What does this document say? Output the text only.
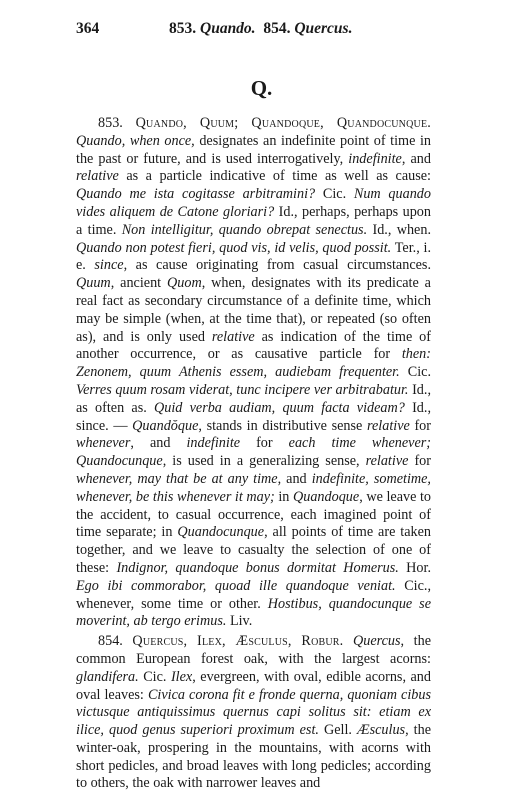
364	853. Quando.  854. Quercus.
Q.

853. Quando, Quum; Quandoque, Quandocunque. Quando, when once, designates an indefinite point of time in the past or future, and is used interrogatively, indefinite, and relative as a particle indicative of time as well as cause: Quando me ista cogitasse arbitramini? Cic. Num quando vides aliquem de Catone gloriari? Id., perhaps, perhaps upon a time. Non intelligitur, quando obrepat senectus. Id., when. Quando non potest fieri, quod vis, id velis, quod possit. Ter., i. e. since, as cause originating from casual circumstances. Quum, ancient Quom, when, designates with its predicate a real fact as secondary circumstance of a definite time, which may be simple (when, at the time that), or repeated (so often as), and is only used relative as indication of the time of another occurrence, or as causative particle for then: Zenonem, quum Athenis essem, audiebam frequenter. Cic. Verres quum rosam viderat, tunc incipere ver arbitrabatur. Id., as often as. Quid verba audiam, quum facta videam? Id., since. — Quandŏque, stands in distributive sense relative for whenever, and indefinite for each time whenever; Quandocunque, is used in a generalizing sense, relative for whenever, may that be at any time, and indefinite, sometime, whenever, be this whenever it may; in Quandoque, we leave to the accident, to casual occurrence, each imagined point of time separate; in Quandocunque, all points of time are taken together, and we leave to casualty the selection of one of these: Indignor, quandoque bonus dormitat Homerus. Hor. Ego ibi commorabor, quoad ille quandoque veniat. Cic., whenever, some time or other. Hostibus, quandocunque se moverint, ab tergo erimus. Liv.

854. Quercus, Ilex, Æsculus, Robur. Quercus, the common European forest oak, with the largest acorns: glandifera. Cic. Ilex, evergreen, with oval, edible acorns, and oval leaves: Civica corona fit e fronde querna, quoniam cibus victusque antiquissimus quernus capi solitus sit: etiam ex ilice, quod genus superiori proximum est. Gell. Æsculus, the winter-oak, prospering in the mountains, with acorns with short pedicles, and broad leaves with long pedicles; according to others, the oak with narrower leaves and
